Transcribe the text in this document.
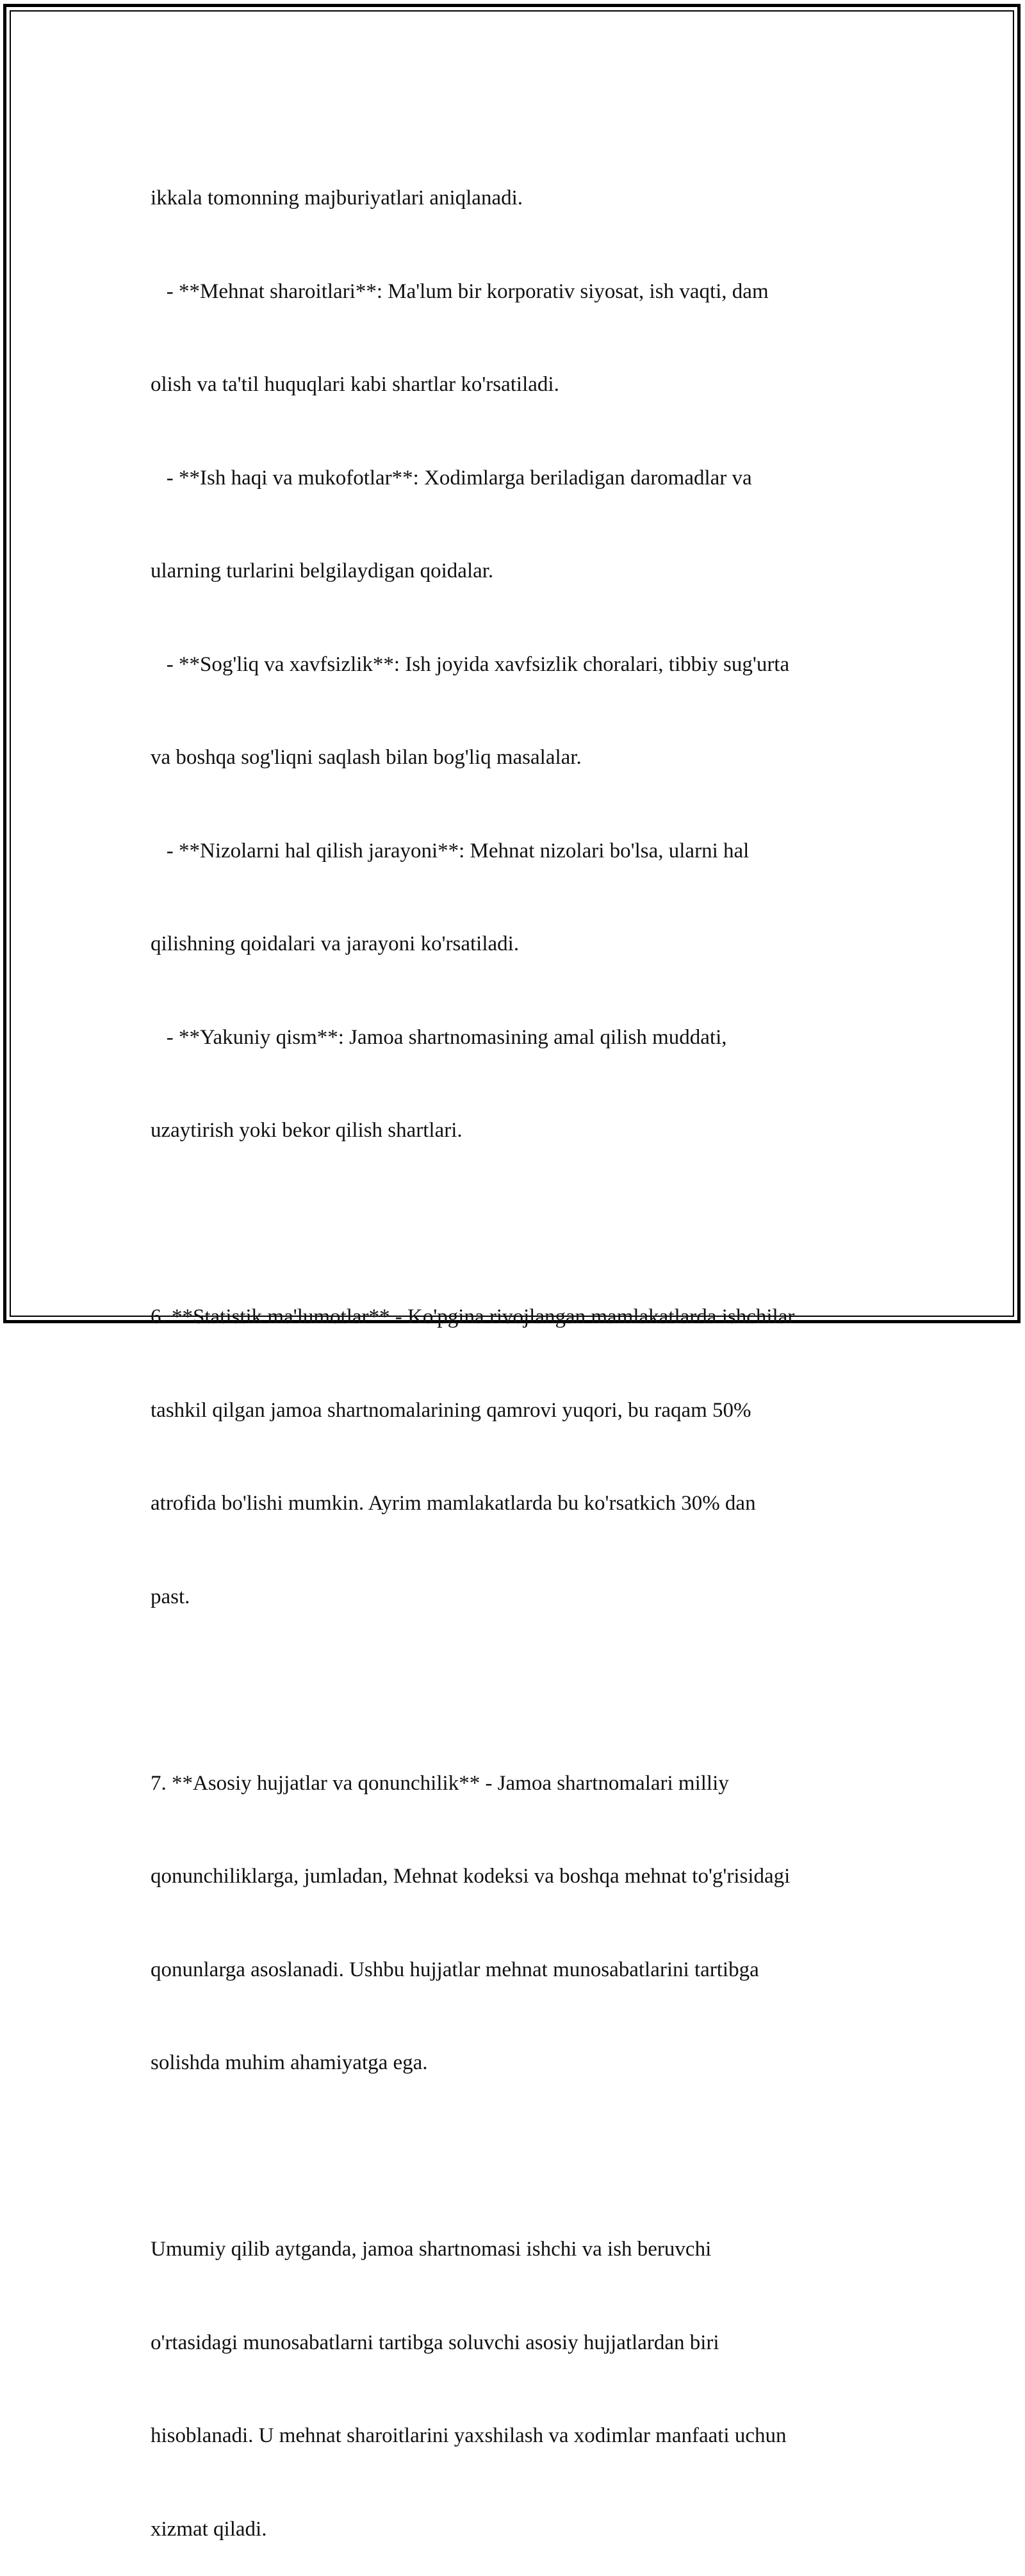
ikkala tomonning majburiyatlari aniqlanadi.

- **Mehnat sharoitlari**: Ma'lum bir korporativ siyosat, ish vaqti, dam

olish va ta'til huquqlari kabi shartlar ko'rsatiladi.

- **Ish haqi va mukofotlar**: Xodimlarga beriladigan daromadlar va

ularning turlarini belgilaydigan qoidalar.

- **Sog'liq va xavfsizlik**: Ish joyida xavfsizlik choralari, tibbiy sug'urta

va boshqa sog'liqni saqlash bilan bog'liq masalalar.

- **Nizolarni hal qilish jarayoni**: Mehnat nizolari bo'lsa, ularni hal

qilishning qoidalari va jarayoni ko'rsatiladi.

- **Yakuniy qism**: Jamoa shartnomasining amal qilish muddati,

uzaytirish yoki bekor qilish shartlari.

6. **Statistik ma'lumotlar** - Ko'pgina rivojlangan mamlakatlarda ishchilar

tashkil qilgan jamoa shartnomalarining qamrovi yuqori, bu raqam 50%

atrofida bo'lishi mumkin. Ayrim mamlakatlarda bu ko'rsatkich 30% dan

past.

7. **Asosiy hujjatlar va qonunchilik** - Jamoa shartnomalari milliy

qonunchiliklarga, jumladan, Mehnat kodeksi va boshqa mehnat to'g'risidagi

qonunlarga asoslanadi. Ushbu hujjatlar mehnat munosabatlarini tartibga

solishda muhim ahamiyatga ega.

Umumiy qilib aytganda, jamoa shartnomasi ishchi va ish beruvchi

o'rtasidagi munosabatlarni tartibga soluvchi asosiy hujjatlardan biri

hisoblanadi. U mehnat sharoitlarini yaxshilash va xodimlar manfaati uchun

xizmat qiladi.
